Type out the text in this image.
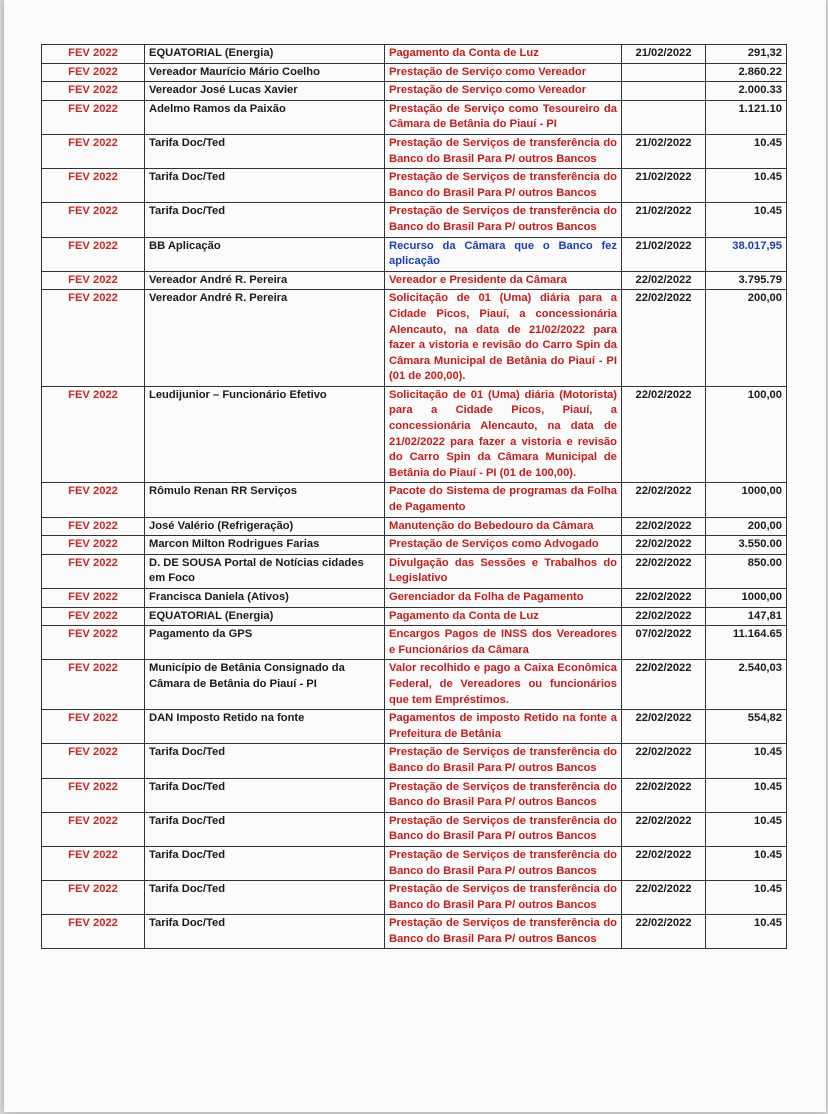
FEV 2022	EQUATORIAL (Energia)	Pagamento da Conta de Luz	21/02/2022	291,32
FEV 2022	Vereador Maurício Mário Coelho	Prestação de Serviço como Vereador		2.860.22
FEV 2022	Vereador José Lucas Xavier	Prestação de Serviço como Vereador		2.000.33
FEV 2022	Adelmo Ramos da Paixão	Prestação de Serviço como Tesoureiro da Câmara de Betânia do Piauí - PI		1.121.10
FEV 2022	Tarifa Doc/Ted	Prestação de Serviços de transferência do Banco do Brasil Para P/ outros Bancos	21/02/2022	10.45
FEV 2022	Tarifa Doc/Ted	Prestação de Serviços de transferência do Banco do Brasil Para P/ outros Bancos	21/02/2022	10.45
FEV 2022	Tarifa Doc/Ted	Prestação de Serviços de transferência do Banco do Brasil Para P/ outros Bancos	21/02/2022	10.45
FEV 2022	BB Aplicação	Recurso da Câmara que o Banco fez aplicação	21/02/2022	38.017,95
FEV 2022	Vereador André R. Pereira	Vereador e Presidente da Câmara	22/02/2022	3.795.79
FEV 2022	Vereador André R. Pereira	Solicitação de 01 (Uma) diária para a Cidade Picos, Piauí, a concessionária Alencauto, na data de 21/02/2022 para fazer a vistoria e revisão do Carro Spin da Câmara Municipal de Betânia do Piauí - PI (01 de 200,00).	22/02/2022	200,00
FEV 2022	Leudijunior – Funcionário Efetivo	Solicitação de 01 (Uma) diária (Motorista) para a Cidade Picos, Piauí, a concessionária Alencauto, na data de 21/02/2022 para fazer a vistoria e revisão do Carro Spin da Câmara Municipal de Betânia do Piauí - PI (01 de 100,00).	22/02/2022	100,00
FEV 2022	Rômulo Renan RR Serviços	Pacote do Sistema de programas da Folha de Pagamento	22/02/2022	1000,00
FEV 2022	José Valério (Refrigeração)	Manutenção do Bebedouro da Câmara	22/02/2022	200,00
FEV 2022	Marcon Milton Rodrigues Farias	Prestação de Serviços como Advogado	22/02/2022	3.550.00
FEV 2022	D. DE SOUSA Portal de Notícias cidades em Foco	Divulgação das Sessões e Trabalhos do Legislativo	22/02/2022	850.00
FEV 2022	Francisca Daniela (Ativos)	Gerenciador da Folha de Pagamento	22/02/2022	1000,00
FEV 2022	EQUATORIAL (Energia)	Pagamento da Conta de Luz	22/02/2022	147,81
FEV 2022	Pagamento da GPS	Encargos Pagos de INSS dos Vereadores e Funcionários da Câmara	07/02/2022	11.164.65
FEV 2022	Município de Betânia Consignado da Câmara de Betânia do Piauí - PI	Valor recolhido e pago a Caixa Econômica Federal, de Vereadores ou funcionários que tem Empréstimos.	22/02/2022	2.540,03
FEV 2022	DAN Imposto Retido na fonte	Pagamentos de imposto Retido na fonte a Prefeitura de Betânia	22/02/2022	554,82
FEV 2022	Tarifa Doc/Ted	Prestação de Serviços de transferência do Banco do Brasil Para P/ outros Bancos	22/02/2022	10.45
FEV 2022	Tarifa Doc/Ted	Prestação de Serviços de transferência do Banco do Brasil Para P/ outros Bancos	22/02/2022	10.45
FEV 2022	Tarifa Doc/Ted	Prestação de Serviços de transferência do Banco do Brasil Para P/ outros Bancos	22/02/2022	10.45
FEV 2022	Tarifa Doc/Ted	Prestação de Serviços de transferência do Banco do Brasil Para P/ outros Bancos	22/02/2022	10.45
FEV 2022	Tarifa Doc/Ted	Prestação de Serviços de transferência do Banco do Brasil Para P/ outros Bancos	22/02/2022	10.45
FEV 2022	Tarifa Doc/Ted	Prestação de Serviços de transferência do Banco do Brasil Para P/ outros Bancos	22/02/2022	10.45
